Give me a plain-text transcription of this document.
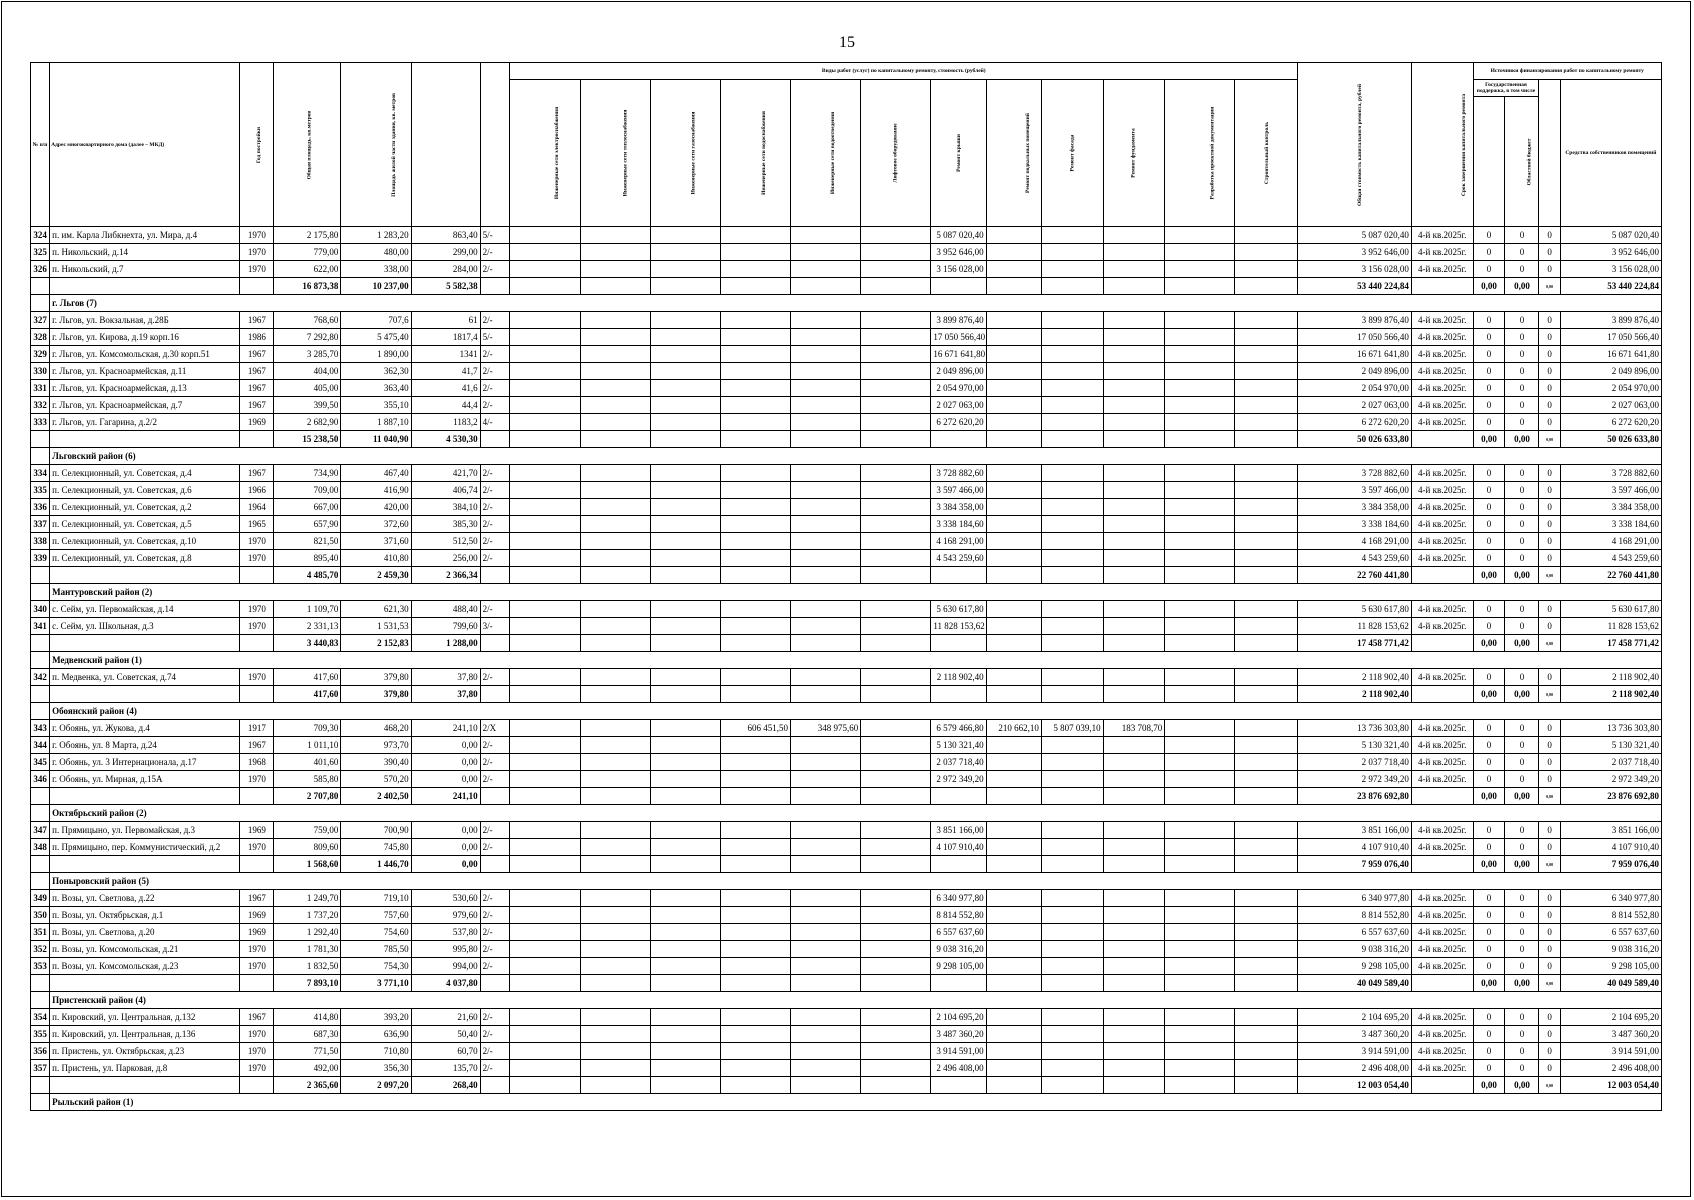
15
№ п/п	Адрес многоквартирного дома (далее – МКД)	Год постройки	Общая площадь, кв.метров	Площадь жилой части здания, кв. метров			Виды работ (услуг) по капитальному ремонту, стоимость (рублей)												Общая стоимость капитального ремонта, рублей	Срок завершения капитального ремонта	Источники финансирования работ по капитальному ремонту			
							Инженерные сети электроснабжения	Инженерные сети теплоснабжения	Инженерные сети газоснабжения	Инженерные сети водоснабжения	Инженерные сети водоотведения	Лифтовое оборудование	Ремонт крыши	Ремонт подвальных помещений	Ремонт фасада	Ремонт фундамента	Разработка проектной документации	Строительный контроль			Государственная поддержка, в том числе			Средства собственников помещений
	Областной бюджет		
324	п. им. Карла Либкнехта, ул. Мира, д.4	1970	2 175,80	1 283,20	863,40	5/-							5 087 020,40						5 087 020,40	4-й кв.2025г.	0	0	0	5 087 020,40
325	п. Никольский, д.14	1970	779,00	480,00	299,00	2/-							3 952 646,00						3 952 646,00	4-й кв.2025г.	0	0	0	3 952 646,00
326	п. Никольский, д.7	1970	622,00	338,00	284,00	2/-							3 156 028,00						3 156 028,00	4-й кв.2025г.	0	0	0	3 156 028,00
			16 873,38	10 237,00	5 582,38														53 440 224,84		0,00	0,00	0,00	53 440 224,84
	г. Льгов (7)																							
327	г. Льгов, ул. Вокзальная, д.28Б	1967	768,60	707,6	61	2/-							3 899 876,40						3 899 876,40	4-й кв.2025г.	0	0	0	3 899 876,40
328	г. Льгов, ул. Кирова, д.19 корп.16	1986	7 292,80	5 475,40	1817,4	5/-							17 050 566,40						17 050 566,40	4-й кв.2025г.	0	0	0	17 050 566,40
329	г. Льгов, ул. Комсомольская, д.30 корп.51	1967	3 285,70	1 890,00	1341	2/-							16 671 641,80						16 671 641,80	4-й кв.2025г.	0	0	0	16 671 641,80
330	г. Льгов, ул. Красноармейская, д.11	1967	404,00	362,30	41,7	2/-							2 049 896,00						2 049 896,00	4-й кв.2025г.	0	0	0	2 049 896,00
331	г. Льгов, ул. Красноармейская, д.13	1967	405,00	363,40	41,6	2/-							2 054 970,00						2 054 970,00	4-й кв.2025г.	0	0	0	2 054 970,00
332	г. Льгов, ул. Красноармейская, д.7	1967	399,50	355,10	44,4	2/-							2 027 063,00						2 027 063,00	4-й кв.2025г.	0	0	0	2 027 063,00
333	г. Льгов, ул. Гагарина, д.2/2	1969	2 682,90	1 887,10	1183,2	4/-							6 272 620,20						6 272 620,20	4-й кв.2025г.	0	0	0	6 272 620,20
			15 238,50	11 040,90	4 530,30														50 026 633,80		0,00	0,00	0,00	50 026 633,80
	Льговский район (6)																							
334	п. Селекционный, ул. Советская, д.4	1967	734,90	467,40	421,70	2/-							3 728 882,60						3 728 882,60	4-й кв.2025г.	0	0	0	3 728 882,60
335	п. Селекционный, ул. Советская, д.6	1966	709,00	416,90	406,74	2/-							3 597 466,00						3 597 466,00	4-й кв.2025г.	0	0	0	3 597 466,00
336	п. Селекционный, ул. Советская, д.2	1964	667,00	420,00	384,10	2/-							3 384 358,00						3 384 358,00	4-й кв.2025г.	0	0	0	3 384 358,00
337	п. Селекционный, ул. Советская, д.5	1965	657,90	372,60	385,30	2/-							3 338 184,60						3 338 184,60	4-й кв.2025г.	0	0	0	3 338 184,60
338	п. Селекционный, ул. Советская, д.10	1970	821,50	371,60	512,50	2/-							4 168 291,00						4 168 291,00	4-й кв.2025г.	0	0	0	4 168 291,00
339	п. Селекционный, ул. Советская, д.8	1970	895,40	410,80	256,00	2/-							4 543 259,60						4 543 259,60	4-й кв.2025г.	0	0	0	4 543 259,60
			4 485,70	2 459,30	2 366,34														22 760 441,80		0,00	0,00	0,00	22 760 441,80
	Мантуровский район (2)																							
340	с. Сейм, ул. Первомайская, д.14	1970	1 109,70	621,30	488,40	2/-							5 630 617,80						5 630 617,80	4-й кв.2025г.	0	0	0	5 630 617,80
341	с. Сейм, ул. Школьная, д.3	1970	2 331,13	1 531,53	799,60	3/-							11 828 153,62						11 828 153,62	4-й кв.2025г.	0	0	0	11 828 153,62
			3 440,83	2 152,83	1 288,00														17 458 771,42		0,00	0,00	0,00	17 458 771,42
	Медвенский район (1)																							
342	п. Медвенка, ул. Советская, д.74	1970	417,60	379,80	37,80	2/-							2 118 902,40						2 118 902,40	4-й кв.2025г.	0	0	0	2 118 902,40
			417,60	379,80	37,80														2 118 902,40		0,00	0,00	0,00	2 118 902,40
	Обоянский район (4)																							
343	г. Обоянь, ул. Жукова, д.4	1917	709,30	468,20	241,10	2/Х				606 451,50	348 975,60		6 579 466,80	210 662,10	5 807 039,10	183 708,70			13 736 303,80	4-й кв.2025г.	0	0	0	13 736 303,80
344	г. Обоянь, ул. 8 Марта, д.24	1967	1 011,10	973,70	0,00	2/-							5 130 321,40						5 130 321,40	4-й кв.2025г.	0	0	0	5 130 321,40
345	г. Обоянь, ул. 3 Интернационала, д.17	1968	401,60	390,40	0,00	2/-							2 037 718,40						2 037 718,40	4-й кв.2025г.	0	0	0	2 037 718,40
346	г. Обоянь, ул. Мирная, д.15А	1970	585,80	570,20	0,00	2/-							2 972 349,20						2 972 349,20	4-й кв.2025г.	0	0	0	2 972 349,20
			2 707,80	2 402,50	241,10														23 876 692,80		0,00	0,00	0,00	23 876 692,80
	Октябрьский район (2)																							
347	п. Прямицыно, ул. Первомайская, д.3	1969	759,00	700,90	0,00	2/-							3 851 166,00						3 851 166,00	4-й кв.2025г.	0	0	0	3 851 166,00
348	п. Прямицыно, пер. Коммунистический, д.2	1970	809,60	745,80	0,00	2/-							4 107 910,40						4 107 910,40	4-й кв.2025г.	0	0	0	4 107 910,40
			1 568,60	1 446,70	0,00														7 959 076,40		0,00	0,00	0,00	7 959 076,40
	Поныровский район (5)																							
349	п. Возы, ул. Светлова, д.22	1967	1 249,70	719,10	530,60	2/-							6 340 977,80						6 340 977,80	4-й кв.2025г.	0	0	0	6 340 977,80
350	п. Возы, ул. Октябрьская, д.1	1969	1 737,20	757,60	979,60	2/-							8 814 552,80						8 814 552,80	4-й кв.2025г.	0	0	0	8 814 552,80
351	п. Возы, ул. Светлова, д.20	1969	1 292,40	754,60	537,80	2/-							6 557 637,60						6 557 637,60	4-й кв.2025г.	0	0	0	6 557 637,60
352	п. Возы, ул. Комсомольская, д.21	1970	1 781,30	785,50	995,80	2/-							9 038 316,20						9 038 316,20	4-й кв.2025г.	0	0	0	9 038 316,20
353	п. Возы, ул. Комсомольская, д.23	1970	1 832,50	754,30	994,00	2/-							9 298 105,00						9 298 105,00	4-й кв.2025г.	0	0	0	9 298 105,00
			7 893,10	3 771,10	4 037,80														40 049 589,40		0,00	0,00	0,00	40 049 589,40
	Пристенский район (4)																							
354	п. Кировский, ул. Центральная, д.132	1967	414,80	393,20	21,60	2/-							2 104 695,20						2 104 695,20	4-й кв.2025г.	0	0	0	2 104 695,20
355	п. Кировский, ул. Центральная, д.136	1970	687,30	636,90	50,40	2/-							3 487 360,20						3 487 360,20	4-й кв.2025г.	0	0	0	3 487 360,20
356	п. Пристень, ул. Октябрьская, д.23	1970	771,50	710,80	60,70	2/-							3 914 591,00						3 914 591,00	4-й кв.2025г.	0	0	0	3 914 591,00
357	п. Пристень, ул. Парковая, д.8	1970	492,00	356,30	135,70	2/-							2 496 408,00						2 496 408,00	4-й кв.2025г.	0	0	0	2 496 408,00
			2 365,60	2 097,20	268,40														12 003 054,40		0,00	0,00	0,00	12 003 054,40
	Рыльский район (1)																							
